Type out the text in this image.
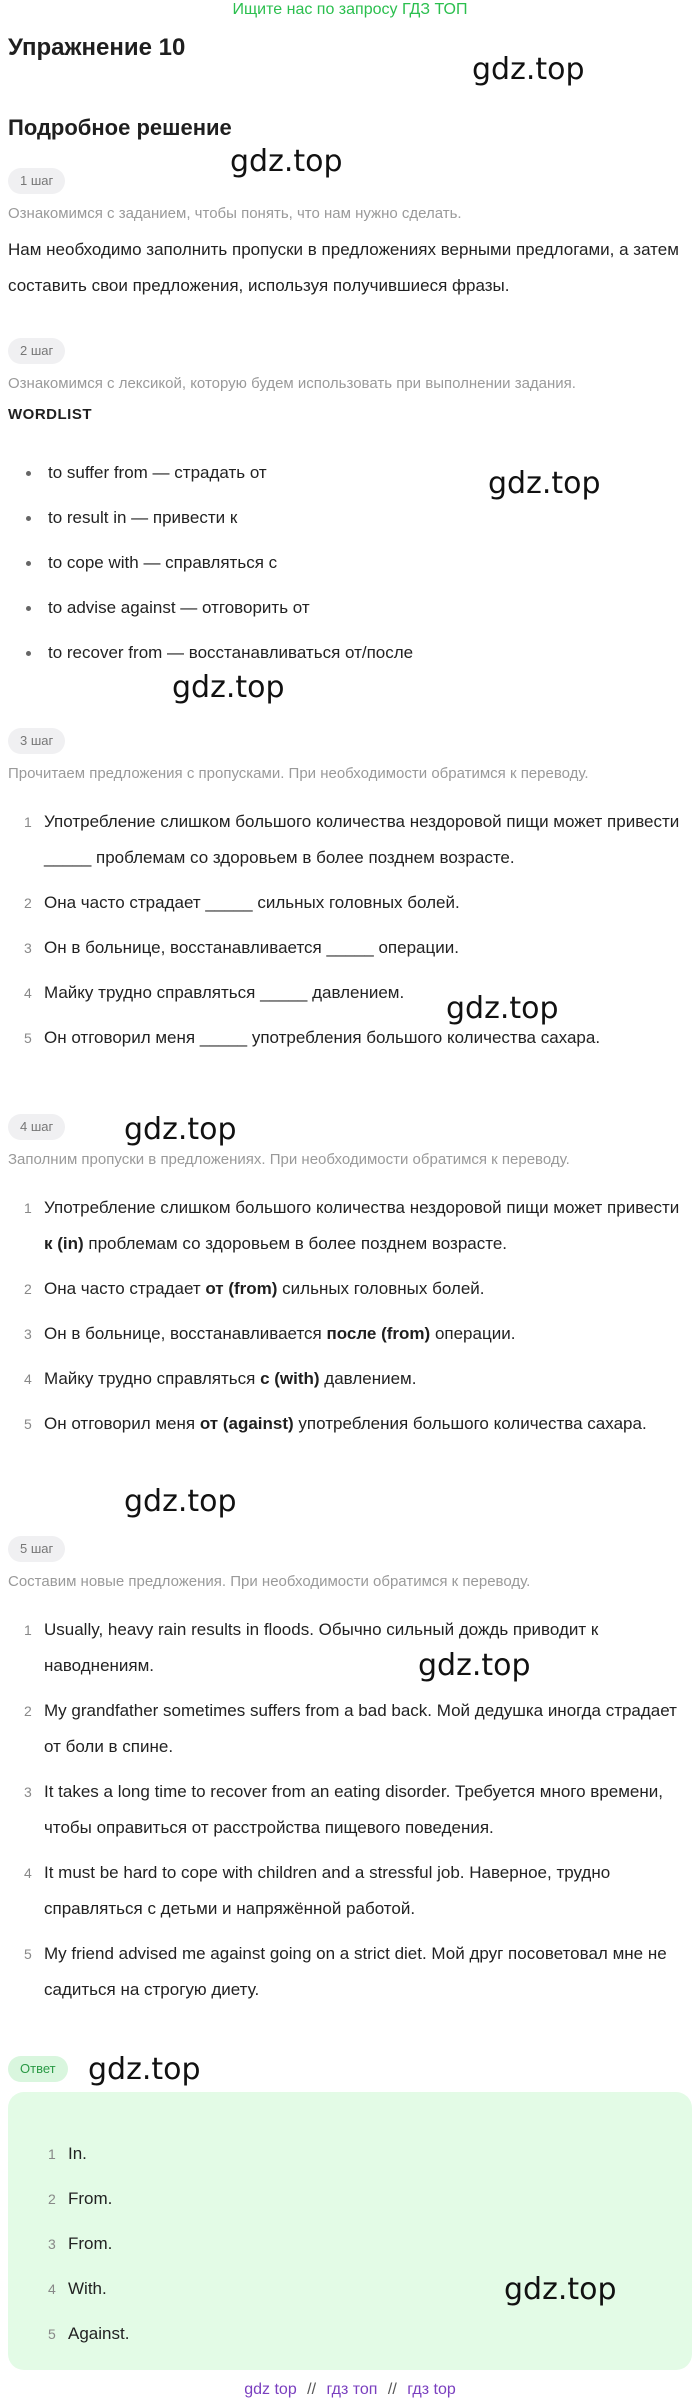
Ищите нас по запросу ГДЗ ТОП
Упражнение 10
Подробное решение
1 шаг
Ознакомимся с заданием, чтобы понять, что нам нужно сделать.
Нам необходимо заполнить пропуски в предложениях верными предлогами, а затем составить свои предложения, используя получившиеся фразы.
2 шаг
Ознакомимся с лексикой, которую будем использовать при выполнении задания.
WORDLIST
to suffer from — страдать от
to result in — привести к
to cope with — справляться с
to advise against — отговорить от
to recover from — восстанавливаться от/после
3 шаг
Прочитаем предложения с пропусками. При необходимости обратимся к переводу.
1 Употребление слишком большого количества нездоровой пищи может привести _____ проблемам со здоровьем в более позднем возрасте.
2 Она часто страдает _____ сильных головных болей.
3 Он в больнице, восстанавливается _____ операции.
4 Майку трудно справляться _____ давлением.
5 Он отговорил меня _____ употребления большого количества сахара.
4 шаг
Заполним пропуски в предложениях. При необходимости обратимся к переводу.
1 Употребление слишком большого количества нездоровой пищи может привести к (in) проблемам со здоровьем в более позднем возрасте.
2 Она часто страдает от (from) сильных головных болей.
3 Он в больнице, восстанавливается после (from) операции.
4 Майку трудно справляться с (with) давлением.
5 Он отговорил меня от (against) употребления большого количества сахара.
5 шаг
Составим новые предложения. При необходимости обратимся к переводу.
1 Usually, heavy rain results in floods. Обычно сильный дождь приводит к наводнениям.
2 My grandfather sometimes suffers from a bad back. Мой дедушка иногда страдает от боли в спине.
3 It takes a long time to recover from an eating disorder. Требуется много времени, чтобы оправиться от расстройства пищевого поведения.
4 It must be hard to cope with children and a stressful job. Наверное, трудно справляться с детьми и напряжённой работой.
5 My friend advised me against going on a strict diet. Мой друг посоветовал мне не садиться на строгую диету.
Ответ
1 In.
2 From.
3 From.
4 With.
5 Against.
gdz.top
gdz.top
gdz.top
gdz.top
gdz.top
gdz.top
gdz.top
gdz.top
gdz.top
gdz.top
gdz top // гдз топ // гдз top
